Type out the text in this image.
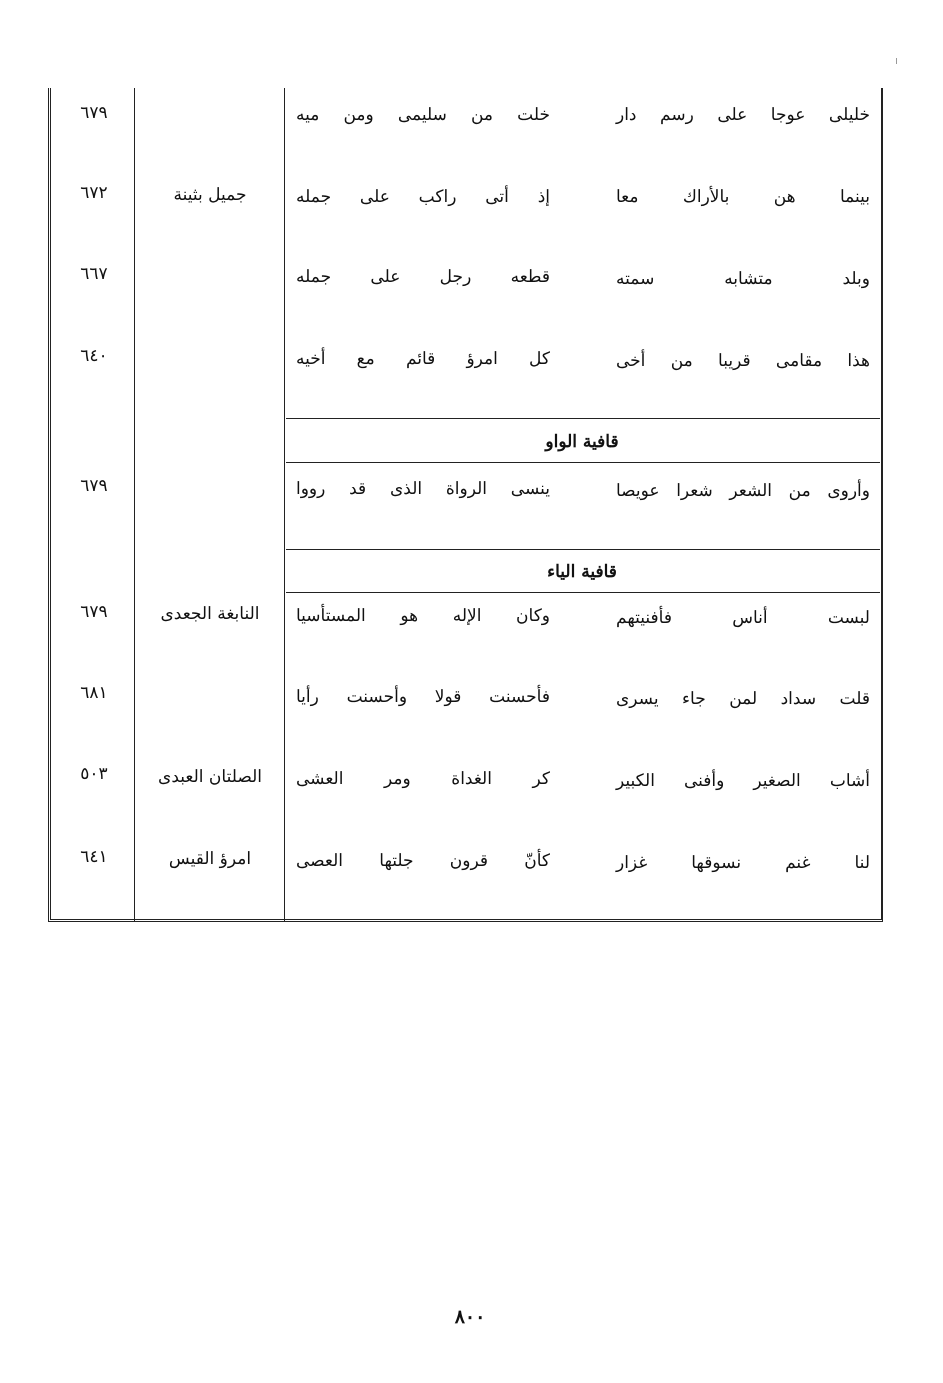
قافية الواو
قافية الياء
خليلى عوجا على رسم دار
خلت من سليمى ومن ميه
٦٧٩
بينما هن بالأراك معا
إذ أتى راكب على جمله
جميل بثينة
٦٧٢
وبلد متشابه سمته
قطعه رجل على جمله
٦٦٧
هذا مقامى قريبا من أخى
كل امرؤ قائم مع أخيه
٦٤٠
وأروى من الشعر شعرا عويصا
ينسى الرواة الذى قد رووا
٦٧٩
لبست أناس فأفنيتهم
وكان الإله هو المستأسيا
النابغة الجعدى
٦٧٩
قلت سداد لمن جاء يسرى
فأحسنت قولا وأحسنت رأيا
٦٨١
أشاب الصغير وأفنى الكبير
كر الغداة ومر العشى
الصلتان العبدى
٥٠٣
لنا غنم نسوقها غزار
كأنّ قرون جلتها العصى
امرؤ القيس
٦٤١
٨٠٠
